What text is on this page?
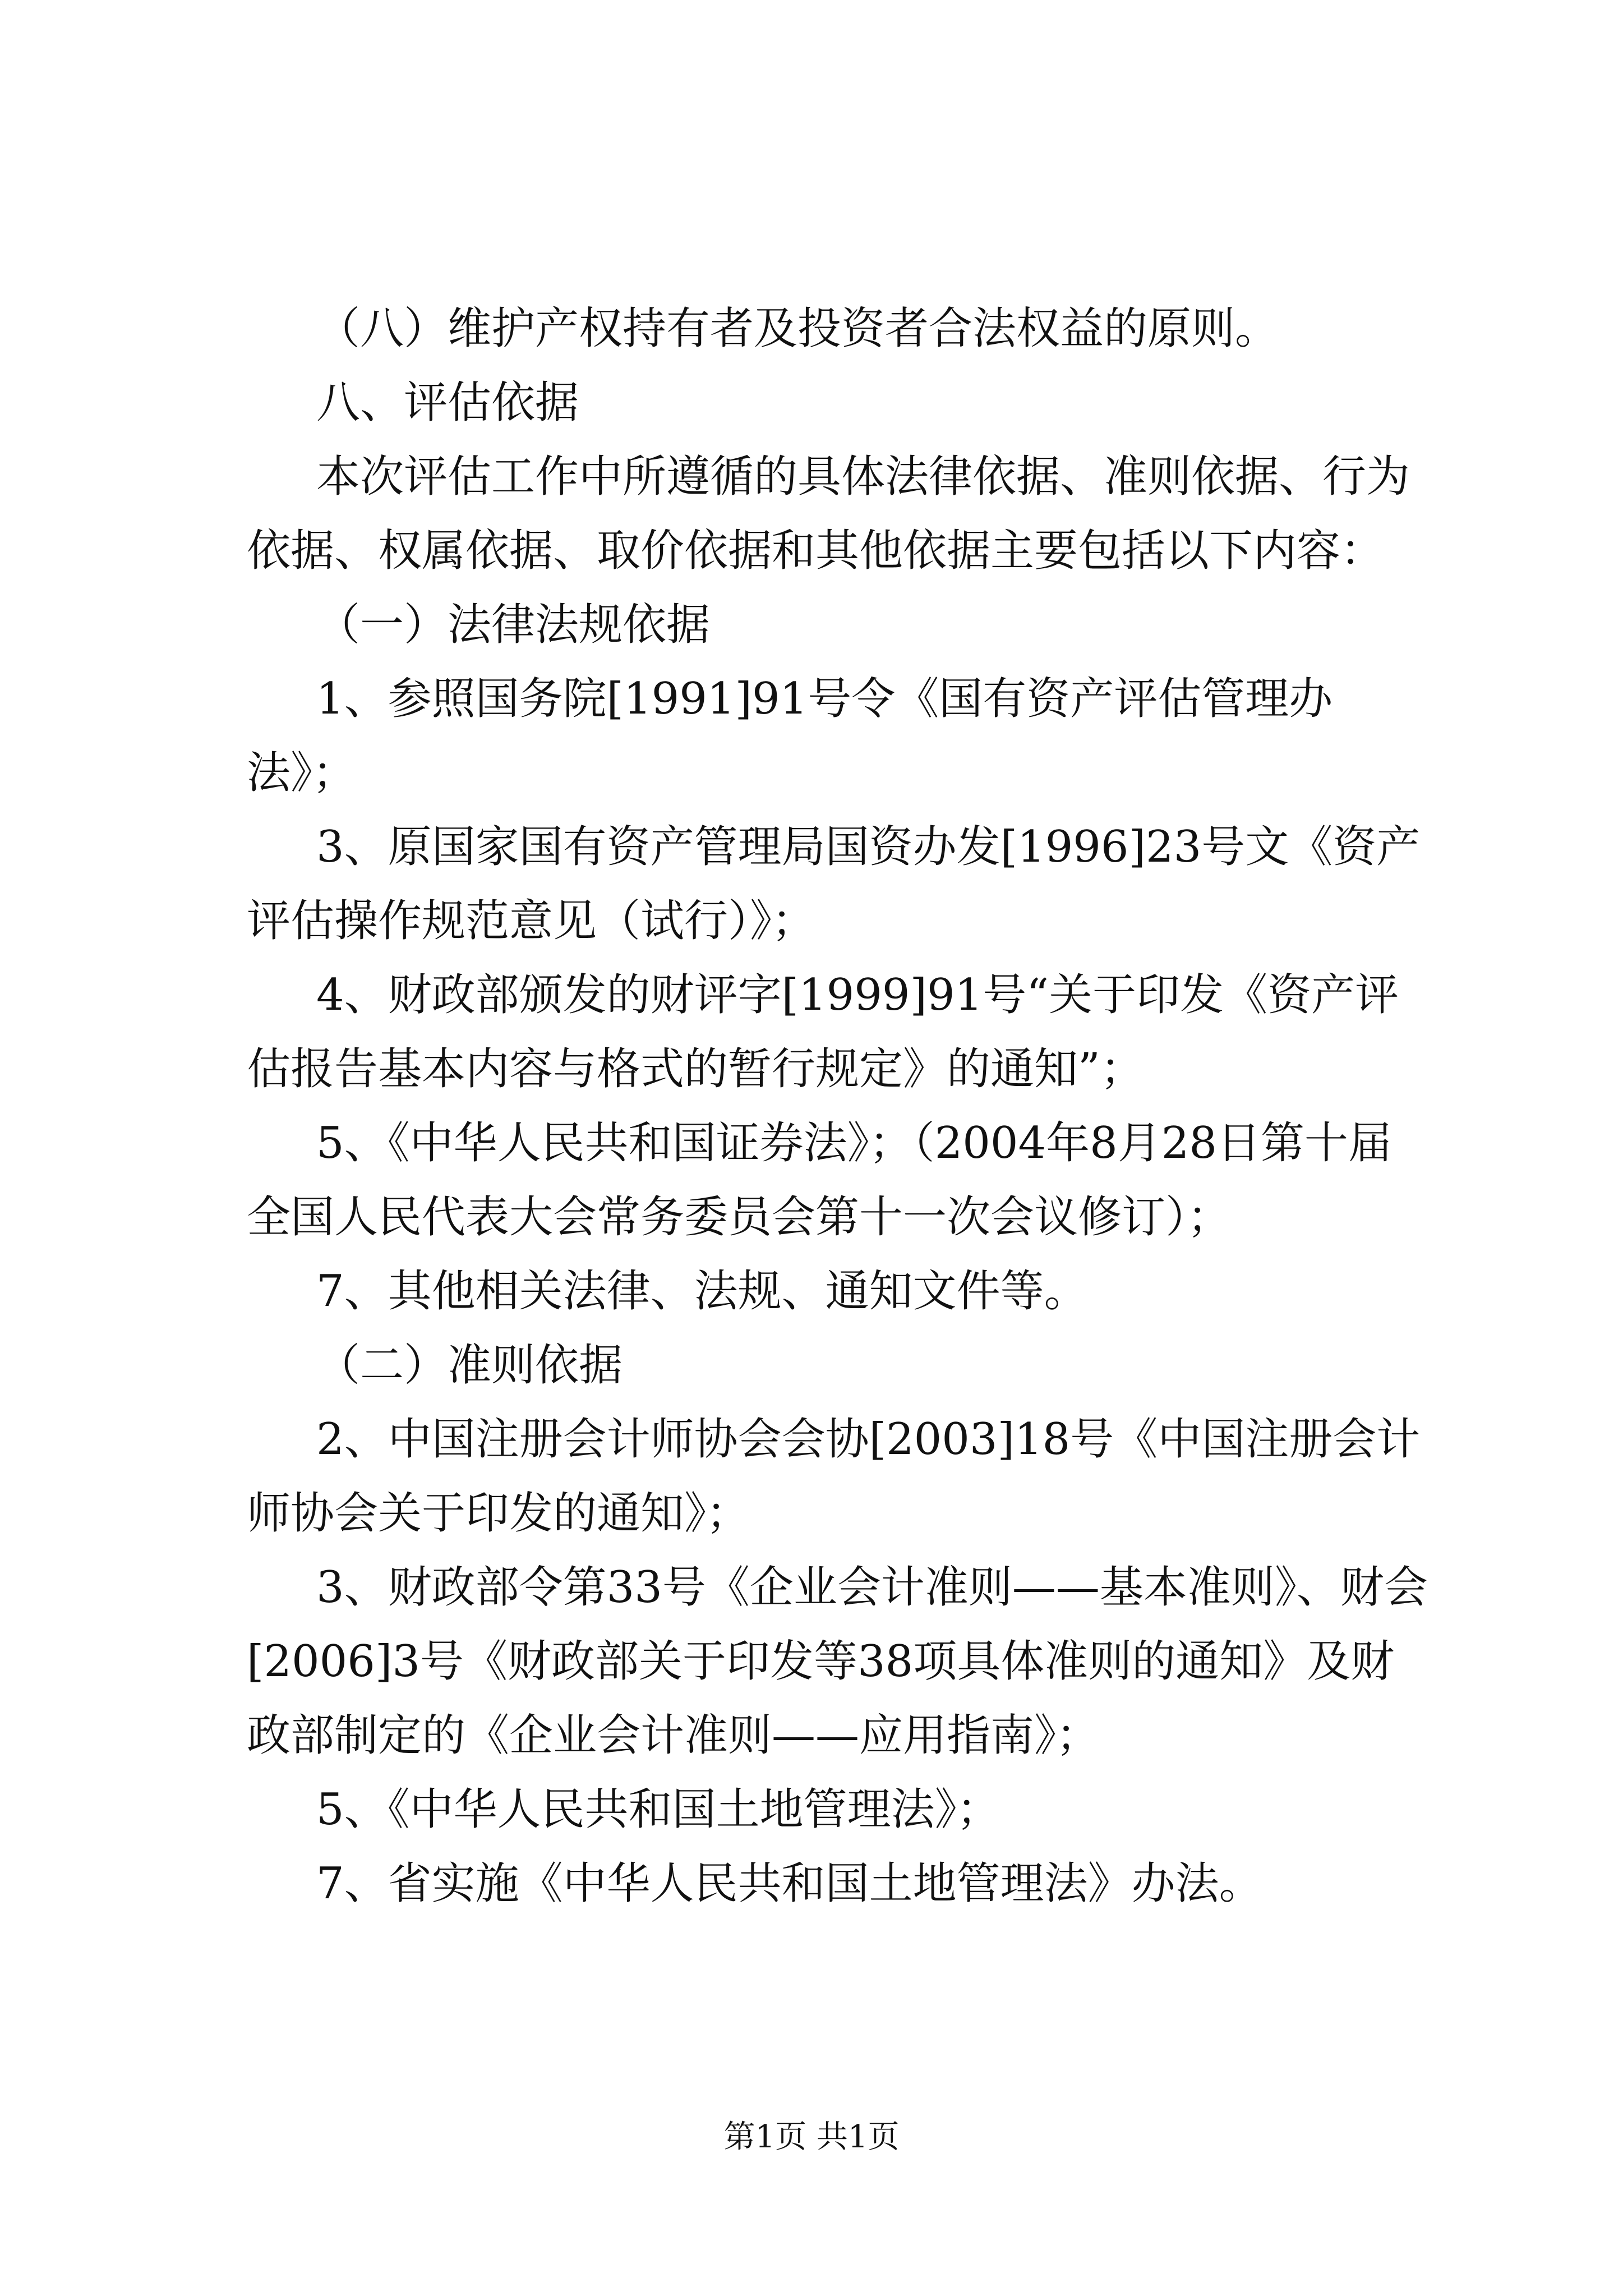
（八）维护产权持有者及投资者合法权益的原则。

八、评估依据

本次评估工作中所遵循的具体法律依据、准则依据、行为依据、权属依据、取价依据和其他依据主要包括以下内容：

（一）法律法规依据

1、参照国务院[1991]91号令《国有资产评估管理办法》；

3、原国家国有资产管理局国资办发[1996]23号文《资产评估操作规范意见（试行）》；

4、财政部颁发的财评字[1999]91号“关于印发《资产评估报告基本内容与格式的暂行规定》的通知”；

5、《中华人民共和国证券法》；（2004年8月28日第十届全国人民代表大会常务委员会第十一次会议修订）；

7、其他相关法律、法规、通知文件等。

（二）准则依据

2、中国注册会计师协会会协[2003]18号《中国注册会计师协会关于印发的通知》；

3、财政部令第33号《企业会计准则——基本准则》、财会[2006]3号《财政部关于印发等38项具体准则的通知》及财政部制定的《企业会计准则——应用指南》；

5、《中华人民共和国土地管理法》；

7、省实施《中华人民共和国土地管理法》办法。

第1页 共1页
